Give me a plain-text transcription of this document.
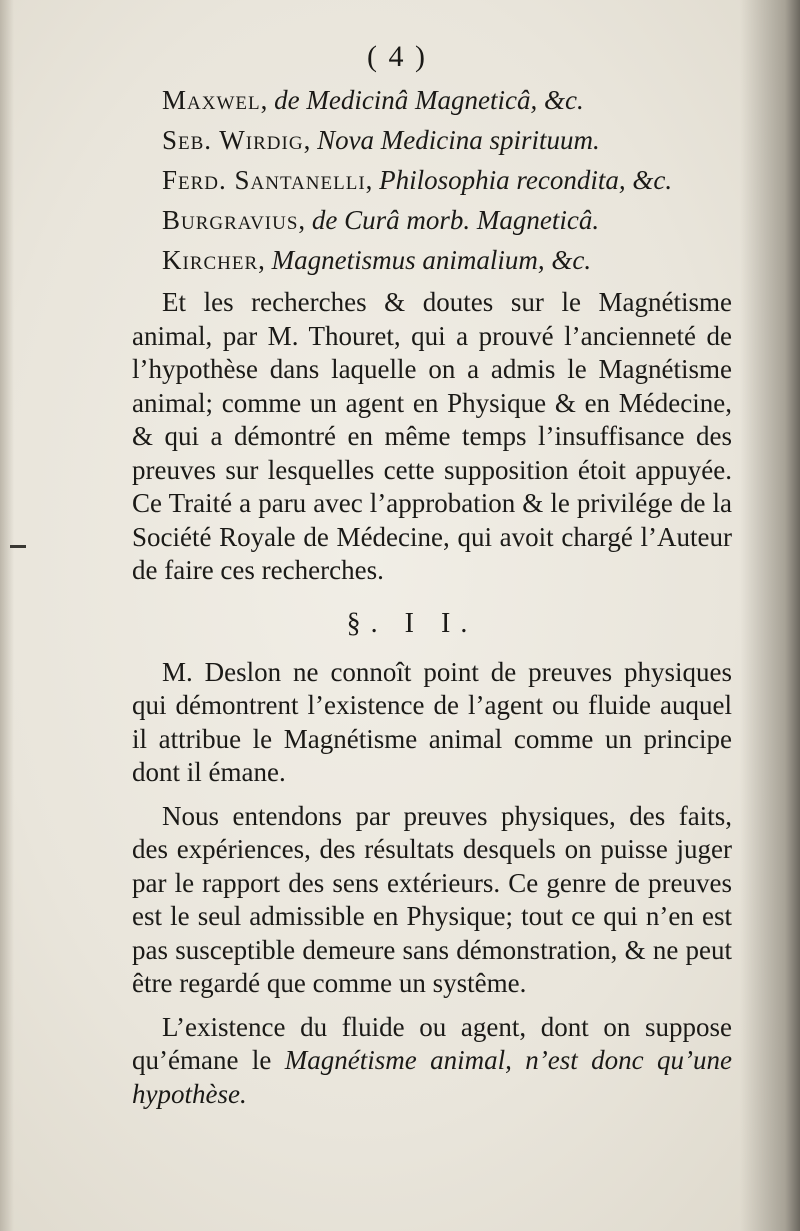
( 4 )
Maxwel, de Medicinâ Magneticâ, &c.
Seb. Wirdig, Nova Medicina spirituum.
Ferd. Santanelli, Philosophia recondita, &c.
Burgravius, de Curâ morb. Magneticâ.
Kircher, Magnetismus animalium, &c.

Et les recherches & doutes sur le Magnétisme animal, par M. Thouret, qui a prouvé l’ancienneté de l’hypothèse dans laquelle on a admis le Magnétisme animal; comme un agent en Physique & en Médecine, & qui a démontré en même temps l’insuffisance des preuves sur lesquelles cette supposition étoit appuyée. Ce Traité a paru avec l’approbation & le privilége de la Société Royale de Médecine, qui avoit chargé l’Auteur de faire ces recherches.

§. I I.

M. Deslon ne connoît point de preuves physiques qui démontrent l’existence de l’agent ou fluide auquel il attribue le Magnétisme animal comme un principe dont il émane.

Nous entendons par preuves physiques, des faits, des expériences, des résultats desquels on puisse juger par le rapport des sens extérieurs. Ce genre de preuves est le seul admissible en Physique; tout ce qui n’en est pas susceptible demeure sans démonstration, & ne peut être regardé que comme un systême.

L’existence du fluide ou agent, dont on suppose qu’émane le Magnétisme animal, n’est donc qu’une hypothèse.
